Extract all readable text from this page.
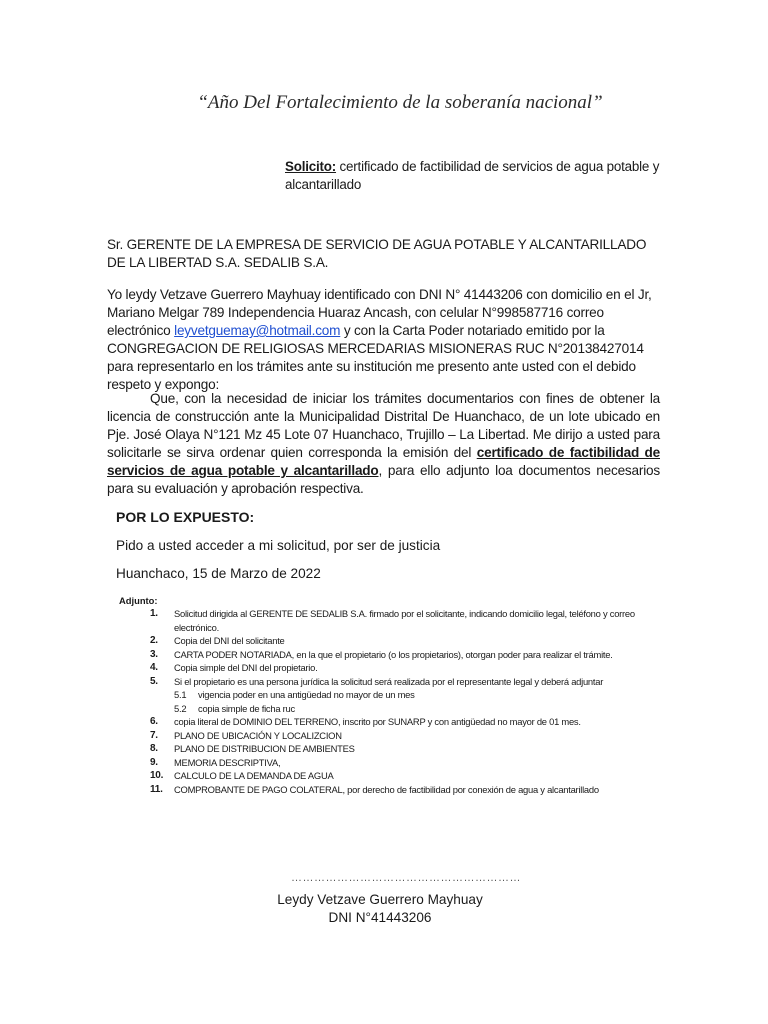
“Año Del Fortalecimiento de la soberanía nacional”
Solicito: certificado de factibilidad de servicios de agua potable y alcantarillado
Sr. GERENTE DE LA EMPRESA DE SERVICIO DE AGUA POTABLE Y ALCANTARILLADO DE LA LIBERTAD S.A. SEDALIB S.A.
Yo leydy Vetzave Guerrero Mayhuay identificado con DNI N° 41443206 con domicilio en el Jr, Mariano Melgar 789 Independencia Huaraz Ancash, con celular N°998587716 correo electrónico leyvetguemay@hotmail.com y con la Carta Poder notariado emitido por la CONGREGACION DE RELIGIOSAS MERCEDARIAS MISIONERAS RUC N°20138427014 para representarlo en los trámites ante su institución me presento ante usted con el debido respeto y expongo:
Que, con la necesidad de iniciar los trámites documentarios con fines de obtener la licencia de construcción ante la Municipalidad Distrital De Huanchaco, de un lote ubicado en Pje. José Olaya N°121 Mz 45 Lote 07 Huanchaco, Trujillo – La Libertad. Me dirijo a usted para solicitarle se sirva ordenar quien corresponda la emisión del certificado de factibilidad de servicios de agua potable y alcantarillado, para ello adjunto loa documentos necesarios para su evaluación y aprobación respectiva.
POR LO EXPUESTO:
Pido a usted acceder a mi solicitud, por ser de justicia
Huanchaco, 15 de Marzo de 2022
Adjunto:
1.	Solicitud dirigida al GERENTE DE SEDALIB S.A. firmado por el solicitante, indicando domicilio legal, teléfono y correo electrónico.
2.	Copia del DNI del solicitante
3.	CARTA PODER NOTARIADA, en la que el propietario (o los propietarios), otorgan poder para realizar el trámite.
4.	Copia simple del DNI del propietario.
5.	Si el propietario es una persona jurídica la solicitud será realizada por el representante legal y deberá adjuntar
5.1	vigencia poder en una antigüedad no mayor de un mes
5.2	copia simple de ficha ruc
6.	copia literal de DOMINIO DEL TERRENO, inscrito por SUNARP y con antigüedad no mayor de 01 mes.
7.	PLANO DE UBICACIÓN Y LOCALIZCION
8.	PLANO DE DISTRIBUCION DE AMBIENTES
9.	MEMORIA DESCRIPTIVA,
10.	CALCULO DE LA DEMANDA DE AGUA
11.	COMPROBANTE DE PAGO COLATERAL, por derecho de factibilidad por conexión de agua y alcantarillado
……………………………………………………
Leydy Vetzave Guerrero Mayhuay
DNI N°41443206
